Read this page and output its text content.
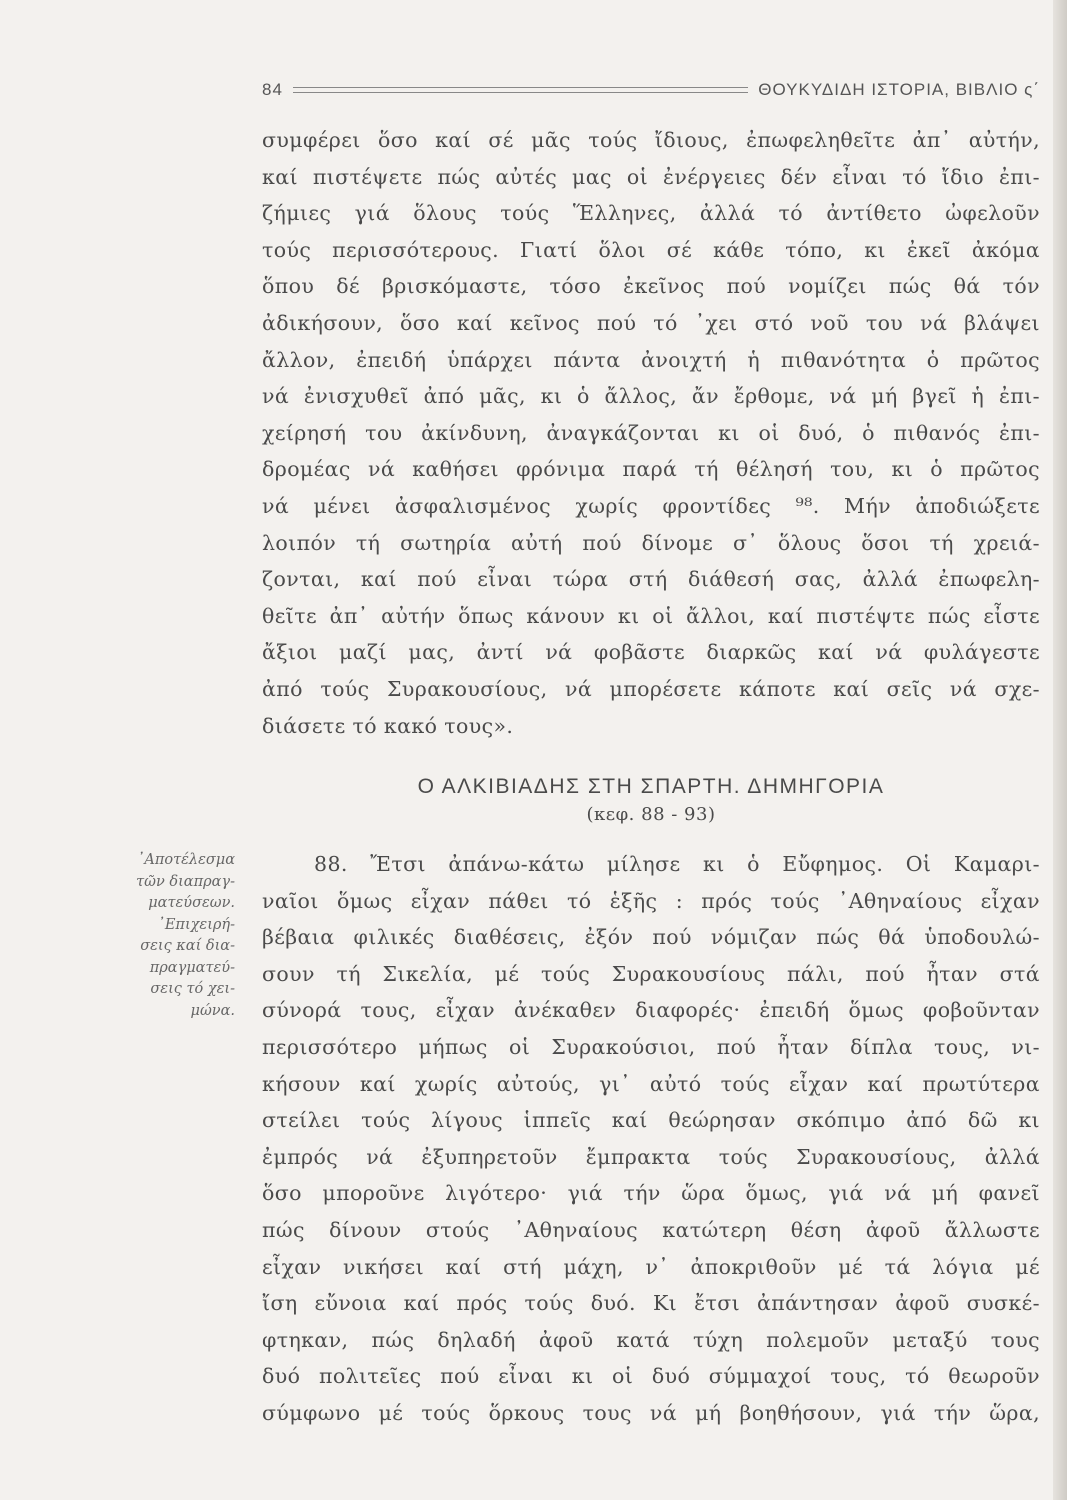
84	ΘΟΥΚΥΔΙΔΗ ΙΣΤΟΡΙΑ, ΒΙΒΛΙΟ ς΄
συμφέρει ὅσο καί σέ μᾶς τούς ἴδιους, ἐπωφεληθεῖτε ἀπ᾽ αὐτήν,
καί πιστέψετε πώς αὐτές μας οἱ ἐνέργειες δέν εἶναι τό ἴδιο ἐπι-
ζήμιες γιά ὅλους τούς Ἕλληνες, ἀλλά τό ἀντίθετο ὠφελοῦν
τούς περισσότερους. Γιατί ὅλοι σέ κάθε τόπο, κι ἐκεῖ ἀκόμα
ὅπου δέ βρισκόμαστε, τόσο ἐκεῖνος πού νομίζει πώς θά τόν
ἀδικήσουν, ὅσο καί κεῖνος πού τό ᾽χει στό νοῦ του νά βλάψει
ἄλλον, ἐπειδή ὑπάρχει πάντα ἀνοιχτή ἡ πιθανότητα ὁ πρῶτος
νά ἐνισχυθεῖ ἀπό μᾶς, κι ὁ ἄλλος, ἄν ἔρθομε, νά μή βγεῖ ἡ ἐπι-
χείρησή του ἀκίνδυνη, ἀναγκάζονται κι οἱ δυό, ὁ πιθανός ἐπι-
δρομέας νά καθήσει φρόνιμα παρά τή θέλησή του, κι ὁ πρῶτος
νά μένει ἀσφαλισμένος χωρίς φροντίδες ⁹⁸. Μήν ἀποδιώξετε
λοιπόν τή σωτηρία αὐτή πού δίνομε σ᾽ ὅλους ὅσοι τή χρειά-
ζονται, καί πού εἶναι τώρα στή διάθεσή σας, ἀλλά ἐπωφελη-
θεῖτε ἀπ᾽ αὐτήν ὅπως κάνουν κι οἱ ἄλλοι, καί πιστέψτε πώς εἶστε
ἄξιοι μαζί μας, ἀντί νά φοβᾶστε διαρκῶς καί νά φυλάγεστε
ἀπό τούς Συρακουσίους, νά μπορέσετε κάποτε καί σεῖς νά σχε-
διάσετε τό κακό τους».
Ο ΑΛΚΙΒΙΑΔΗΣ ΣΤΗ ΣΠΑΡΤΗ. ΔΗΜΗΓΟΡΙΑ
(κεφ. 88 - 93)
᾽Αποτέλεσμα
τῶν διαπραγ-
ματεύσεων.
᾽Επιχειρή-
σεις καί δια-
πραγματεύ-
σεις τό χει-
μώνα.
88. Ἔτσι ἀπάνω-κάτω μίλησε κι ὁ Εὔφημος. Οἱ Καμαρι-
ναῖοι ὅμως εἶχαν πάθει τό ἑξῆς : πρός τούς ᾽Αθηναίους εἶχαν
βέβαια φιλικές διαθέσεις, ἐξόν πού νόμιζαν πώς θά ὑποδουλώ-
σουν τή Σικελία, μέ τούς Συρακουσίους πάλι, πού ἦταν στά
σύνορά τους, εἶχαν ἀνέκαθεν διαφορές· ἐπειδή ὅμως φοβοῦνταν
περισσότερο μήπως οἱ Συρακούσιοι, πού ἦταν δίπλα τους, νι-
κήσουν καί χωρίς αὐτούς, γι᾽ αὐτό τούς εἶχαν καί πρωτύτερα
στείλει τούς λίγους ἱππεῖς καί θεώρησαν σκόπιμο ἀπό δῶ κι
ἐμπρός νά ἐξυπηρετοῦν ἔμπρακτα τούς Συρακουσίους, ἀλλά
ὅσο μποροῦνε λιγότερο· γιά τήν ὥρα ὅμως, γιά νά μή φανεῖ
πώς δίνουν στούς ᾽Αθηναίους κατώτερη θέση ἀφοῦ ἄλλωστε
εἶχαν νικήσει καί στή μάχη, ν᾽ ἀποκριθοῦν μέ τά λόγια μέ
ἴση εὔνοια καί πρός τούς δυό. Κι ἔτσι ἀπάντησαν ἀφοῦ συσκέ-
φτηκαν, πώς δηλαδή ἀφοῦ κατά τύχη πολεμοῦν μεταξύ τους
δυό πολιτεῖες πού εἶναι κι οἱ δυό σύμμαχοί τους, τό θεωροῦν
σύμφωνο μέ τούς ὅρκους τους νά μή βοηθήσουν, γιά τήν ὥρα,
